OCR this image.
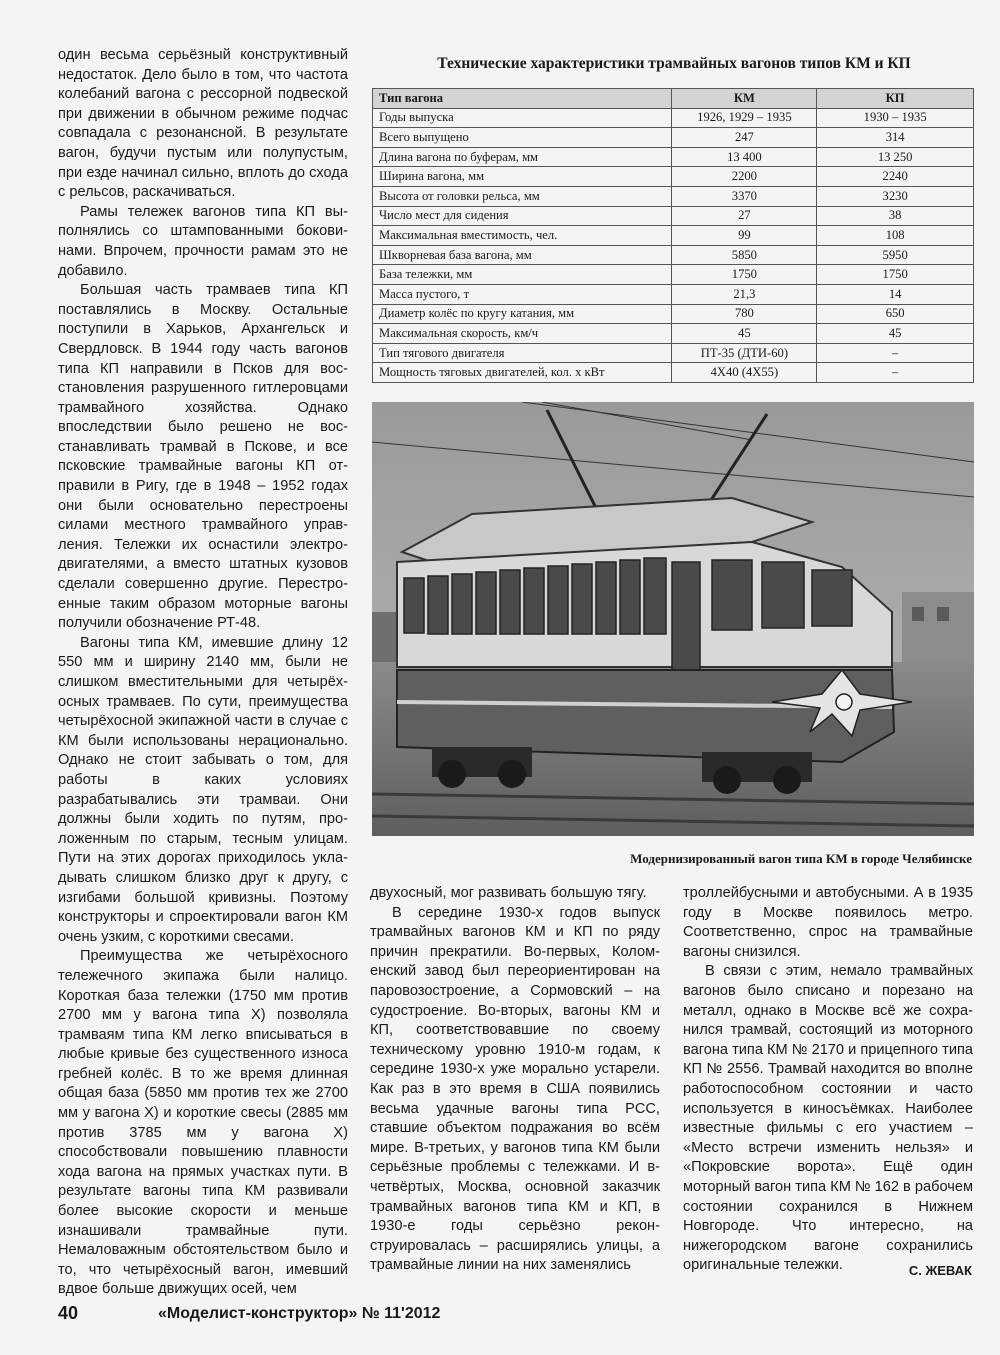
один весьма серьёзный конструктивный недостаток. Дело было в том, что частота колебаний вагона с рессорной подвеской при движении в обычном режиме подчас совпадала с резонансной. В результате вагон, будучи пустым или полупустым, при езде начинал сильно, вплоть до схода с рельсов, раскачиваться.

Рамы тележек вагонов типа КП выполнялись со штампованными боковинами. Впрочем, прочности рамам это не добавило.

Большая часть трамваев типа КП поставлялись в Москву. Остальные поступили в Харьков, Архангельск и Свердловск. В 1944 году часть вагонов типа КП направили в Псков для восстановления разрушенного гитлеровцами трамвайного хозяйства. Однако впоследствии было решено не восстанавливать трамвай в Пскове, и все псковские трамвайные вагоны КП отправили в Ригу, где в 1948 – 1952 годах они были основательно перестроены силами местного трамвайного управления. Тележки их оснастили электродвигателями, а вместо штатных кузовов сделали совершенно другие. Перестроенные таким образом моторные вагоны получили обозначение РТ-48.

Вагоны типа КМ, имевшие длину 12 550 мм и ширину 2140 мм, были не слишком вместительными для четырёхосных трамваев. По сути, преимущества четырёхосной экипажной части в случае с КМ были использованы нерационально. Однако не стоит забывать о том, для работы в каких условиях разрабатывались эти трамваи. Они должны были ходить по путям, проложенным по старым, тесным улицам. Пути на этих дорогах приходилось укладывать слишком близко друг к другу, с изгибами большой кривизны. Поэтому конструкторы и спроектировали вагон КМ очень узким, с короткими свесами.

Преимущества же четырёхосного тележечного экипажа были налицо. Короткая база тележки (1750 мм против 2700 мм у вагона типа Х) позволяла трамваям типа КМ легко вписываться в любые кривые без существенного износа гребней колёс. В то же время длинная общая база (5850 мм против тех же 2700 мм у вагона Х) и короткие свесы (2885 мм против 3785 мм у вагона Х) способствовали повышению плавности хода вагона на прямых участках пути. В результате вагоны типа КМ развивали более высокие скорости и меньше изнашивали трамвайные пути. Немаловажным обстоятельством было и то, что четырёхосный вагон, имевший вдвое больше движущих осей, чем

Технические характеристики трамвайных вагонов типов КМ и КП
Тип вагона	КМ	КП
Годы выпуска	1926, 1929 – 1935	1930 – 1935
Всего выпущено	247	314
Длина вагона по буферам, мм	13 400	13 250
Ширина вагона, мм	2200	2240
Высота от головки рельса, мм	3370	3230
Число мест для сидения	27	38
Максимальная вместимость, чел.	99	108
Шкворневая база вагона, мм	5850	5950
База тележки, мм	1750	1750
Масса пустого, т	21,3	14
Диаметр колёс по кругу катания, мм	780	650
Максимальная скорость, км/ч	45	45
Тип тягового двигателя	ПТ-35 (ДТИ-60)	–
Мощность тяговых двигателей, кол. х кВт	4Х40 (4Х55)	–
Модернизированный вагон типа КМ в городе Челябинске

двухосный, мог развивать большую тягу.

В середине 1930-х годов выпуск трамвайных вагонов КМ и КП по ряду причин прекратили. Во-первых, Коломенский завод был переориентирован на паровозостроение, а Сормовский – на судостроение. Во-вторых, вагоны КМ и КП, соответствовавшие по своему техническому уровню 1910-м годам, к середине 1930-х уже морально устарели. Как раз в это время в США появились весьма удачные вагоны типа PCC, ставшие объектом подражания во всём мире. В-третьих, у вагонов типа КМ были серьёзные проблемы с тележками. И в-четвёртых, Москва, основной заказчик трамвайных вагонов типа КМ и КП, в 1930-е годы серьёзно реконструировалась – расширялись улицы, а трамвайные линии на них заменялись

троллейбусными и автобусными. А в 1935 году в Москве появилось метро. Соответственно, спрос на трамвайные вагоны снизился.

В связи с этим, немало трамвайных вагонов было списано и порезано на металл, однако в Москве всё же сохранился трамвай, состоящий из моторного вагона типа КМ № 2170 и прицепного типа КП № 2556. Трамвай находится во вполне работоспособном состоянии и часто используется в киносъёмках. Наиболее известные фильмы с его участием – «Место встречи изменить нельзя» и «Покровские ворота». Ещё один моторный вагон типа КМ № 162 в рабочем состоянии сохранился в Нижнем Новгороде. Что интересно, на нижегородском вагоне сохранились оригинальные тележки.	С. ЖЕВАК
40	«Моделист-конструктор» № 11'2012
